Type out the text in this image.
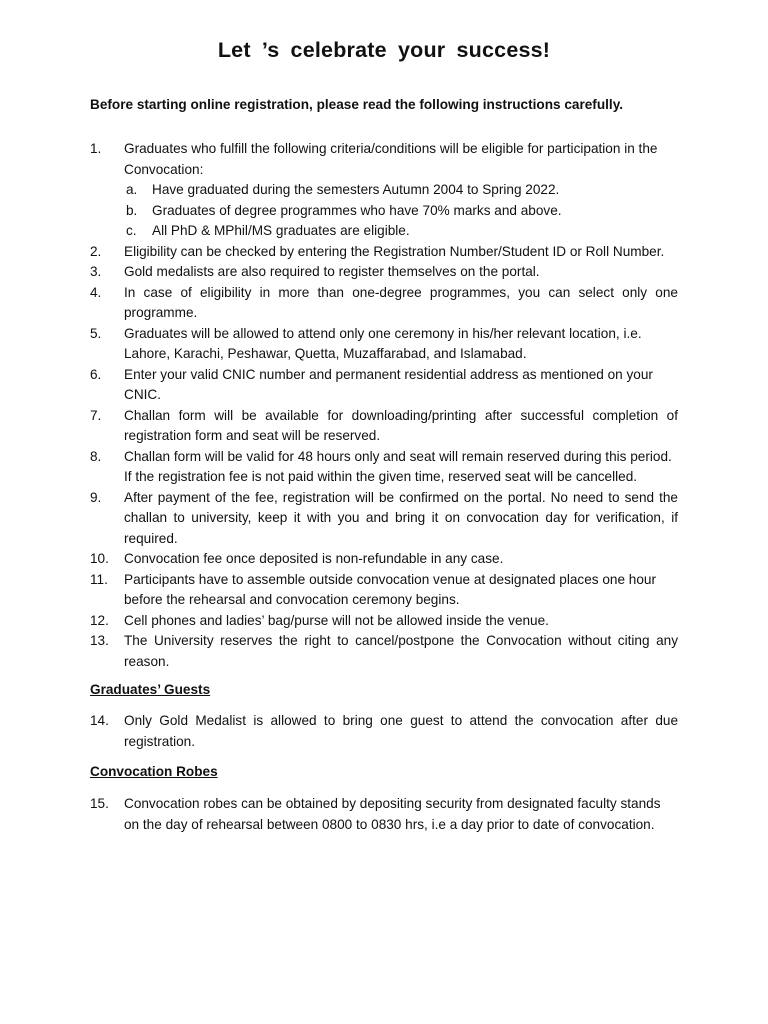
Let ’s celebrate your success!

Before starting online registration, please read the following instructions carefully.

1. Graduates who fulfill the following criteria/conditions will be eligible for participation in the Convocation:
a. Have graduated during the semesters Autumn 2004 to Spring 2022.
b. Graduates of degree programmes who have 70% marks and above.
c. All PhD & MPhil/MS graduates are eligible.
2. Eligibility can be checked by entering the Registration Number/Student ID or Roll Number.
3. Gold medalists are also required to register themselves on the portal.
4. In case of eligibility in more than one-degree programmes, you can select only one programme.
5. Graduates will be allowed to attend only one ceremony in his/her relevant location, i.e. Lahore, Karachi, Peshawar, Quetta, Muzaffarabad, and Islamabad.
6. Enter your valid CNIC number and permanent residential address as mentioned on your CNIC.
7. Challan form will be available for downloading/printing after successful completion of registration form and seat will be reserved.
8. Challan form will be valid for 48 hours only and seat will remain reserved during this period. If the registration fee is not paid within the given time, reserved seat will be cancelled.
9. After payment of the fee, registration will be confirmed on the portal. No need to send the challan to university, keep it with you and bring it on convocation day for verification, if required.
10. Convocation fee once deposited is non-refundable in any case.
11. Participants have to assemble outside convocation venue at designated places one hour before the rehearsal and convocation ceremony begins.
12. Cell phones and ladies’ bag/purse will not be allowed inside the venue.
13. The University reserves the right to cancel/postpone the Convocation without citing any reason.

Graduates’ Guests

14. Only Gold Medalist is allowed to bring one guest to attend the convocation after due registration.

Convocation Robes

15. Convocation robes can be obtained by depositing security from designated faculty stands on the day of rehearsal between 0800 to 0830 hrs, i.e a day prior to date of convocation.
